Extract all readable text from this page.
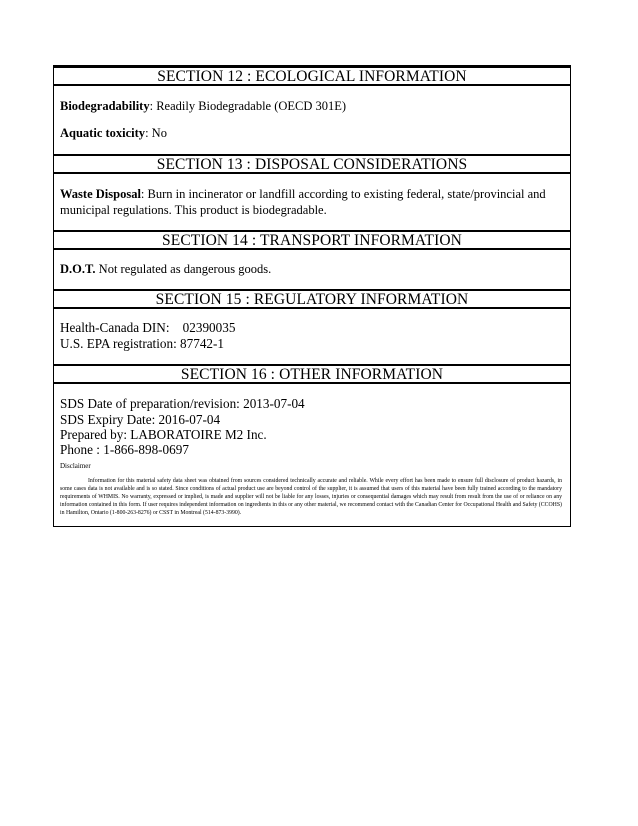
SECTION 12 : ECOLOGICAL INFORMATION
Biodegradability: Readily Biodegradable (OECD 301E)
Aquatic toxicity: No
SECTION 13 : DISPOSAL CONSIDERATIONS
Waste Disposal: Burn in incinerator or landfill according to existing federal, state/provincial and municipal regulations. This product is biodegradable.
SECTION 14 : TRANSPORT INFORMATION
D.O.T. Not regulated as dangerous goods.
SECTION 15 : REGULATORY INFORMATION
Health-Canada DIN:    02390035
U.S. EPA registration: 87742-1
SECTION 16 : OTHER INFORMATION
SDS Date of preparation/revision: 2013-07-04
SDS Expiry Date: 2016-07-04
Prepared by: LABORATOIRE M2 Inc.
Phone : 1-866-898-0697
Disclaimer
Information for this material safety data sheet was obtained from sources considered technically accurate and reliable. While every effort has been made to ensure full disclosure of product hazards, in some cases data is not available and is so stated. Since conditions of actual product use are beyond control of the supplier, it is assumed that users of this material have been fully trained according to the mandatory requirements of WHMIS. No warranty, expressed or implied, is made and supplier will not be liable for any losses, injuries or consequential damages which may result from result from the use of or reliance on any information contained in this form. If user requires independent information on ingredients in this or any other material, we recommend contact with the Canadian Center for Occupational Health and Safety (CCOHS) in Hamilton, Ontario (1-800-263-8276) or CSST in Montreal (514-873-3990).
